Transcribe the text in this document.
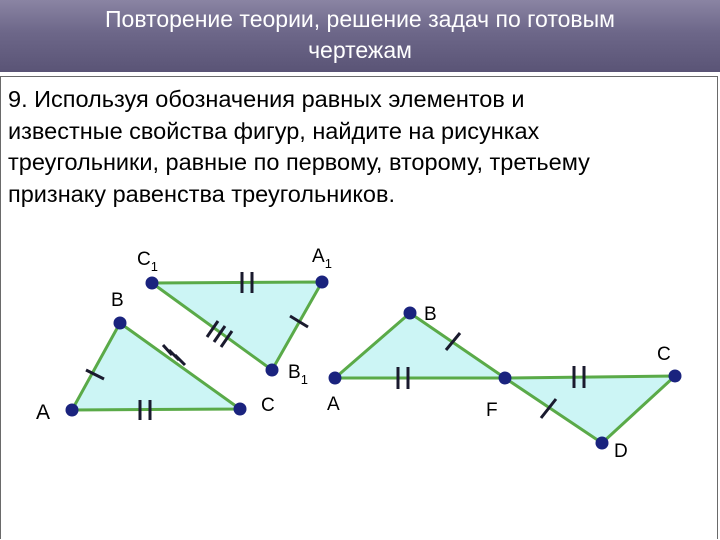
Повторение теории, решение задач по готовым
чертежам
9. Используя обозначения равных элементов и
известные свойства фигур, найдите на рисунках
треугольники, равные по первому, второму, третьему
признаку равенства треугольников.
A
B
C
$C_1$	$A_1$
$B_1$
A
B
F
C
D
